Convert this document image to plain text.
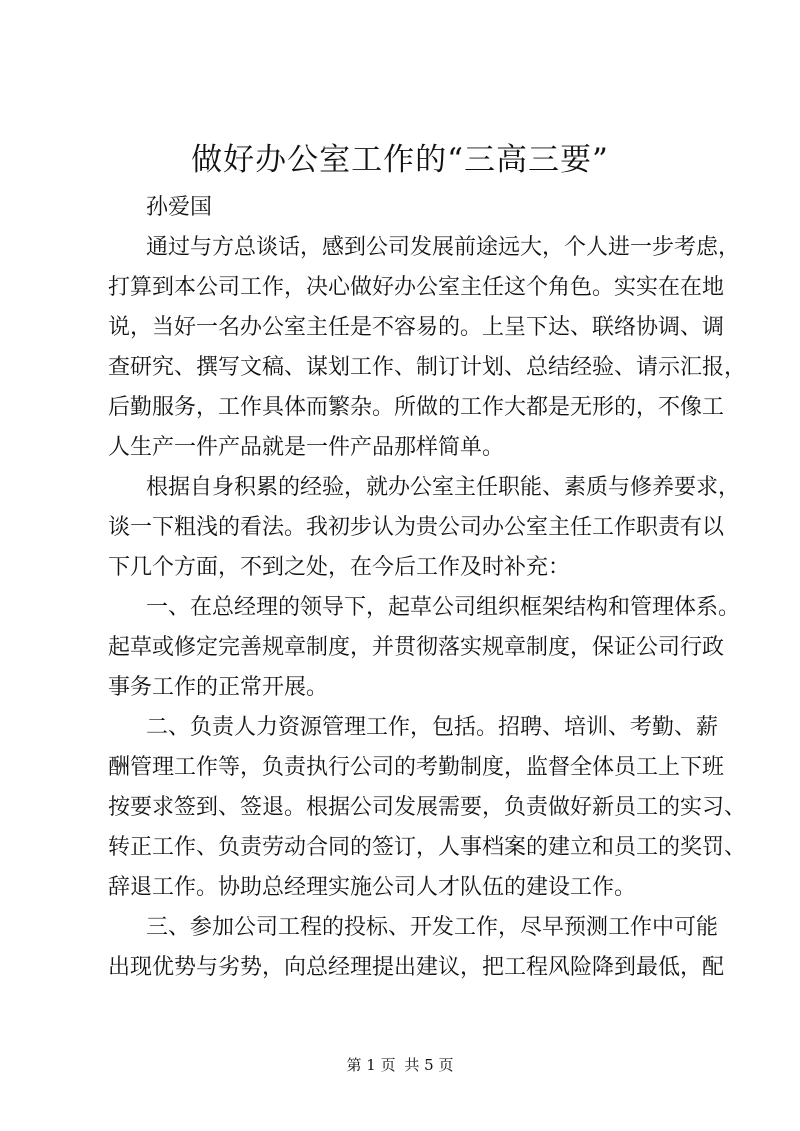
做好办公室工作的“三高三要”
孙爱国
通过与方总谈话，感到公司发展前途远大，个人进一步考虑，
打算到本公司工作，决心做好办公室主任这个角色。实实在在地
说，当好一名办公室主任是不容易的。上呈下达、联络协调、调
查研究、撰写文稿、谋划工作、制订计划、总结经验、请示汇报，
后勤服务，工作具体而繁杂。所做的工作大都是无形的，不像工
人生产一件产品就是一件产品那样简单。
根据自身积累的经验，就办公室主任职能、素质与修养要求，
谈一下粗浅的看法。我初步认为贵公司办公室主任工作职责有以
下几个方面，不到之处，在今后工作及时补充：
一、在总经理的领导下，起草公司组织框架结构和管理体系。
起草或修定完善规章制度，并贯彻落实规章制度，保证公司行政
事务工作的正常开展。
二、负责人力资源管理工作，包括。招聘、培训、考勤、薪
酬管理工作等，负责执行公司的考勤制度，监督全体员工上下班
按要求签到、签退。根据公司发展需要，负责做好新员工的实习、
转正工作、负责劳动合同的签订，人事档案的建立和员工的奖罚、
辞退工作。协助总经理实施公司人才队伍的建设工作。
三、参加公司工程的投标、开发工作，尽早预测工作中可能
出现优势与劣势，向总经理提出建议，把工程风险降到最低，配
第 1 页 共 5 页
